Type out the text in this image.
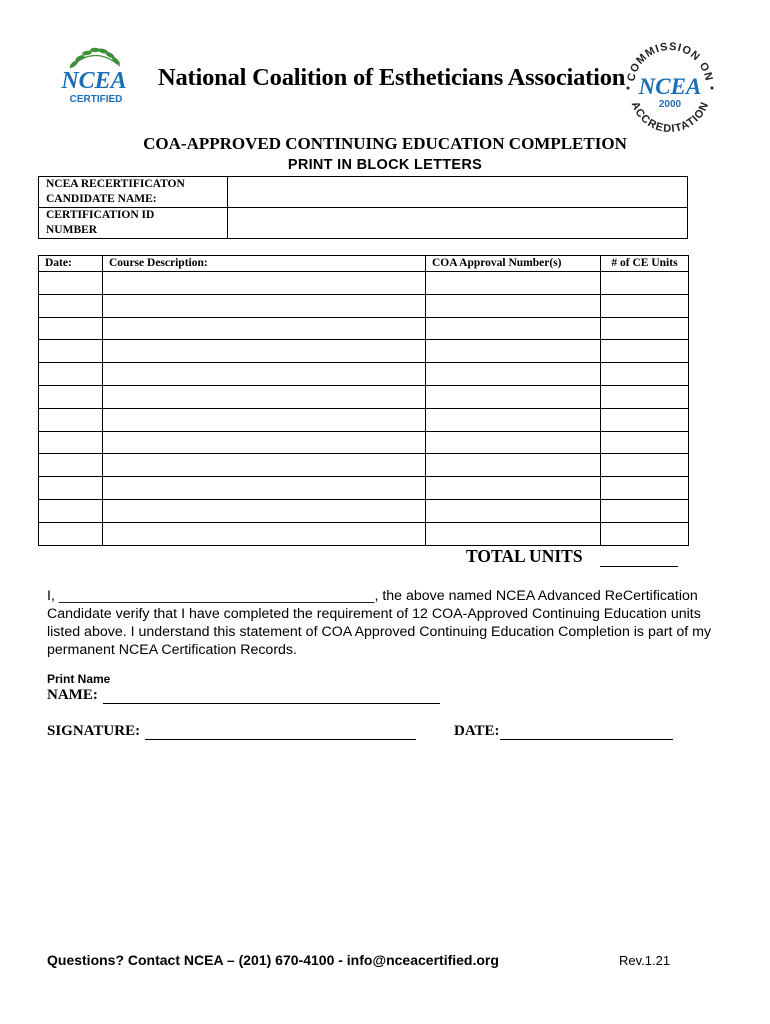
NCEA
CERTIFIED
National Coalition of Estheticians Association COMMISSION ON
ACCREDITATION
NCEA
2000
COA-APPROVED CONTINUING EDUCATION COMPLETION
PRINT IN BLOCK LETTERS
NCEA RECERTIFICATON
CANDIDATE NAME:	

CERTIFICATION ID
NUMBER	

Date:	Course Description:	COA Approval Number(s)	# of CE Units

TOTAL UNITS
I, ________________________________________, the above named NCEA Advanced ReCertification Candidate verify that I have completed the requirement of 12 COA-Approved Continuing Education units listed above. I understand this statement of COA Approved Continuing Education Completion is part of my permanent NCEA Certification Records.
Print Name
NAME:
SIGNATURE:	DATE:
Questions? Contact NCEA – (201) 670-4100 - info@nceacertified.org	Rev.1.21
